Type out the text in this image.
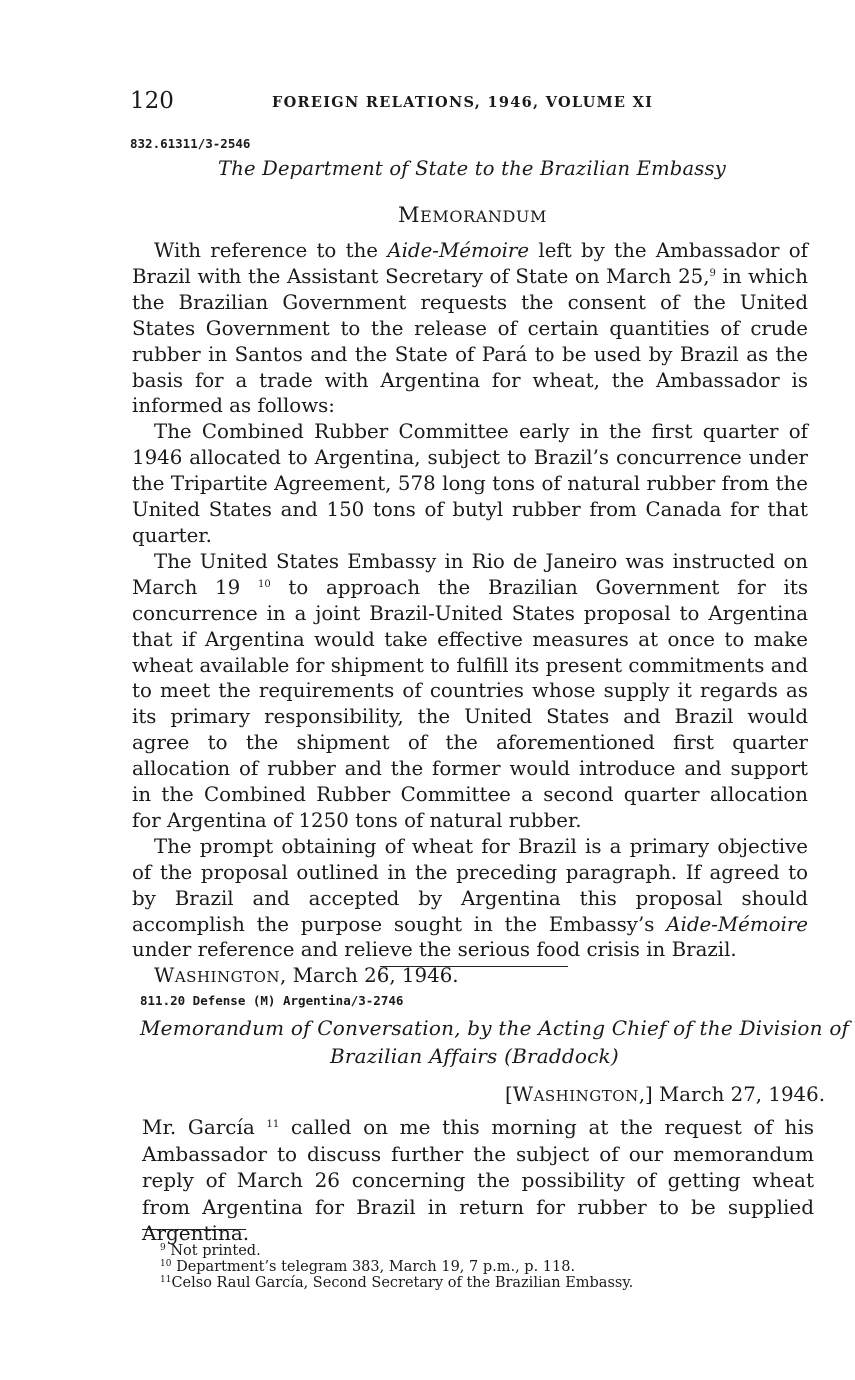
120	FOREIGN RELATIONS, 1946, VOLUME XI
832.61311/3-2546
The Department of State to the Brazilian Embassy
MEMORANDUM

With reference to the Aide-Mémoire left by the Ambassador of Brazil with the Assistant Secretary of State on March 25,$^9$ in which the Brazilian Government requests the consent of the United States Government to the release of certain quantities of crude rubber in Santos and the State of Pará to be used by Brazil as the basis for a trade with Argentina for wheat, the Ambassador is informed as follows:

The Combined Rubber Committee early in the first quarter of 1946 allocated to Argentina, subject to Brazil’s concurrence under the Tripartite Agreement, 578 long tons of natural rubber from the United States and 150 tons of butyl rubber from Canada for that quarter.

The United States Embassy in Rio de Janeiro was instructed on March 19 $^{10}$ to approach the Brazilian Government for its concurrence in a joint Brazil-United States proposal to Argentina that if Argentina would take effective measures at once to make wheat available for shipment to fulfill its present commitments and to meet the requirements of countries whose supply it regards as its primary responsibility, the United States and Brazil would agree to the shipment of the aforementioned first quarter allocation of rubber and the former would introduce and support in the Combined Rubber Committee a second quarter allocation for Argentina of 1250 tons of natural rubber.

The prompt obtaining of wheat for Brazil is a primary objective of the proposal outlined in the preceding paragraph. If agreed to by Brazil and accepted by Argentina this proposal should accomplish the purpose sought in the Embassy’s Aide-Mémoire under reference and relieve the serious food crisis in Brazil.

WASHINGTON, March 26, 1946.

811.20 Defense (M) Argentina/3-2746
Memorandum of Conversation, by the Acting Chief of the Division of
Brazilian Affairs (Braddock)
[WASHINGTON,] March 27, 1946.

Mr. García $^{11}$ called on me this morning at the request of his Ambassador to discuss further the subject of our memorandum reply of March 26 concerning the possibility of getting wheat from Argentina for Brazil in return for rubber to be supplied Argentina.

$^9$ Not printed.
$^{10}$ Department’s telegram 383, March 19, 7 p.m., p. 118.
$^{11}$Celso Raul García, Second Secretary of the Brazilian Embassy.
